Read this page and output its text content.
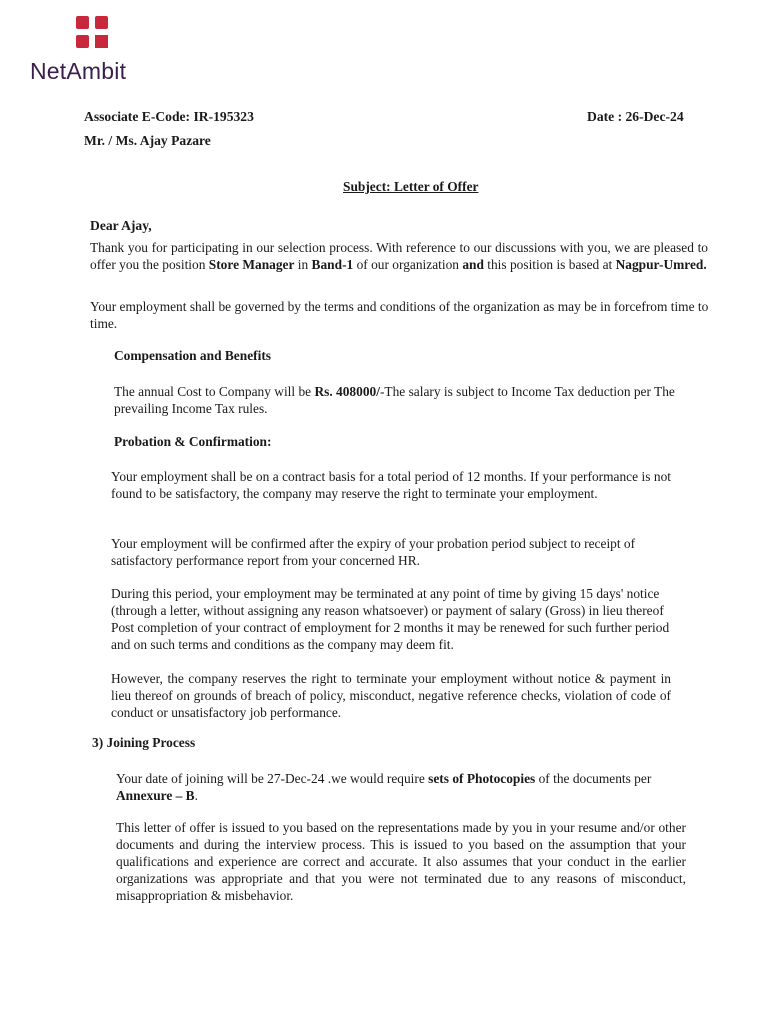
NetAmbit
Associate E-Code: IR-195323	Date : 26-Dec-24
Mr. / Ms. Ajay Pazare
Subject: Letter of Offer
Dear Ajay,
Thank you for participating in our selection process. With reference to our discussions with you, we are pleased to offer you the position Store Manager in Band-1 of our organization and this position is based at Nagpur-Umred.
Your employment shall be governed by the terms and conditions of the organization as may be in forcefrom time to time.
Compensation and Benefits
The annual Cost to Company will be Rs. 408000/-The salary is subject to Income Tax deduction per The prevailing Income Tax rules.
Probation & Confirmation:
Your employment shall be on a contract basis for a total period of 12 months. If your performance is not found to be satisfactory, the company may reserve the right to terminate your employment.
Your employment will be confirmed after the expiry of your probation period subject to receipt of satisfactory performance report from your concerned HR.
During this period, your employment may be terminated at any point of time by giving 15 days' notice (through a letter, without assigning any reason whatsoever) or payment of salary (Gross) in lieu thereof Post completion of your contract of employment for 2 months it may be renewed for such further period and on such terms and conditions as the company may deem fit.
However, the company reserves the right to terminate your employment without notice & payment in lieu thereof on grounds of breach of policy, misconduct, negative reference checks, violation of code of conduct or unsatisfactory job performance.
3) Joining Process
Your date of joining will be 27-Dec-24 .we would require sets of Photocopies of the documents per
Annexure – B.
This letter of offer is issued to you based on the representations made by you in your resume and/or other documents and during the interview process. This is issued to you based on the assumption that your qualifications and experience are correct and accurate. It also assumes that your conduct in the earlier organizations was appropriate and that you were not terminated due to any reasons of misconduct, misappropriation & misbehavior.
